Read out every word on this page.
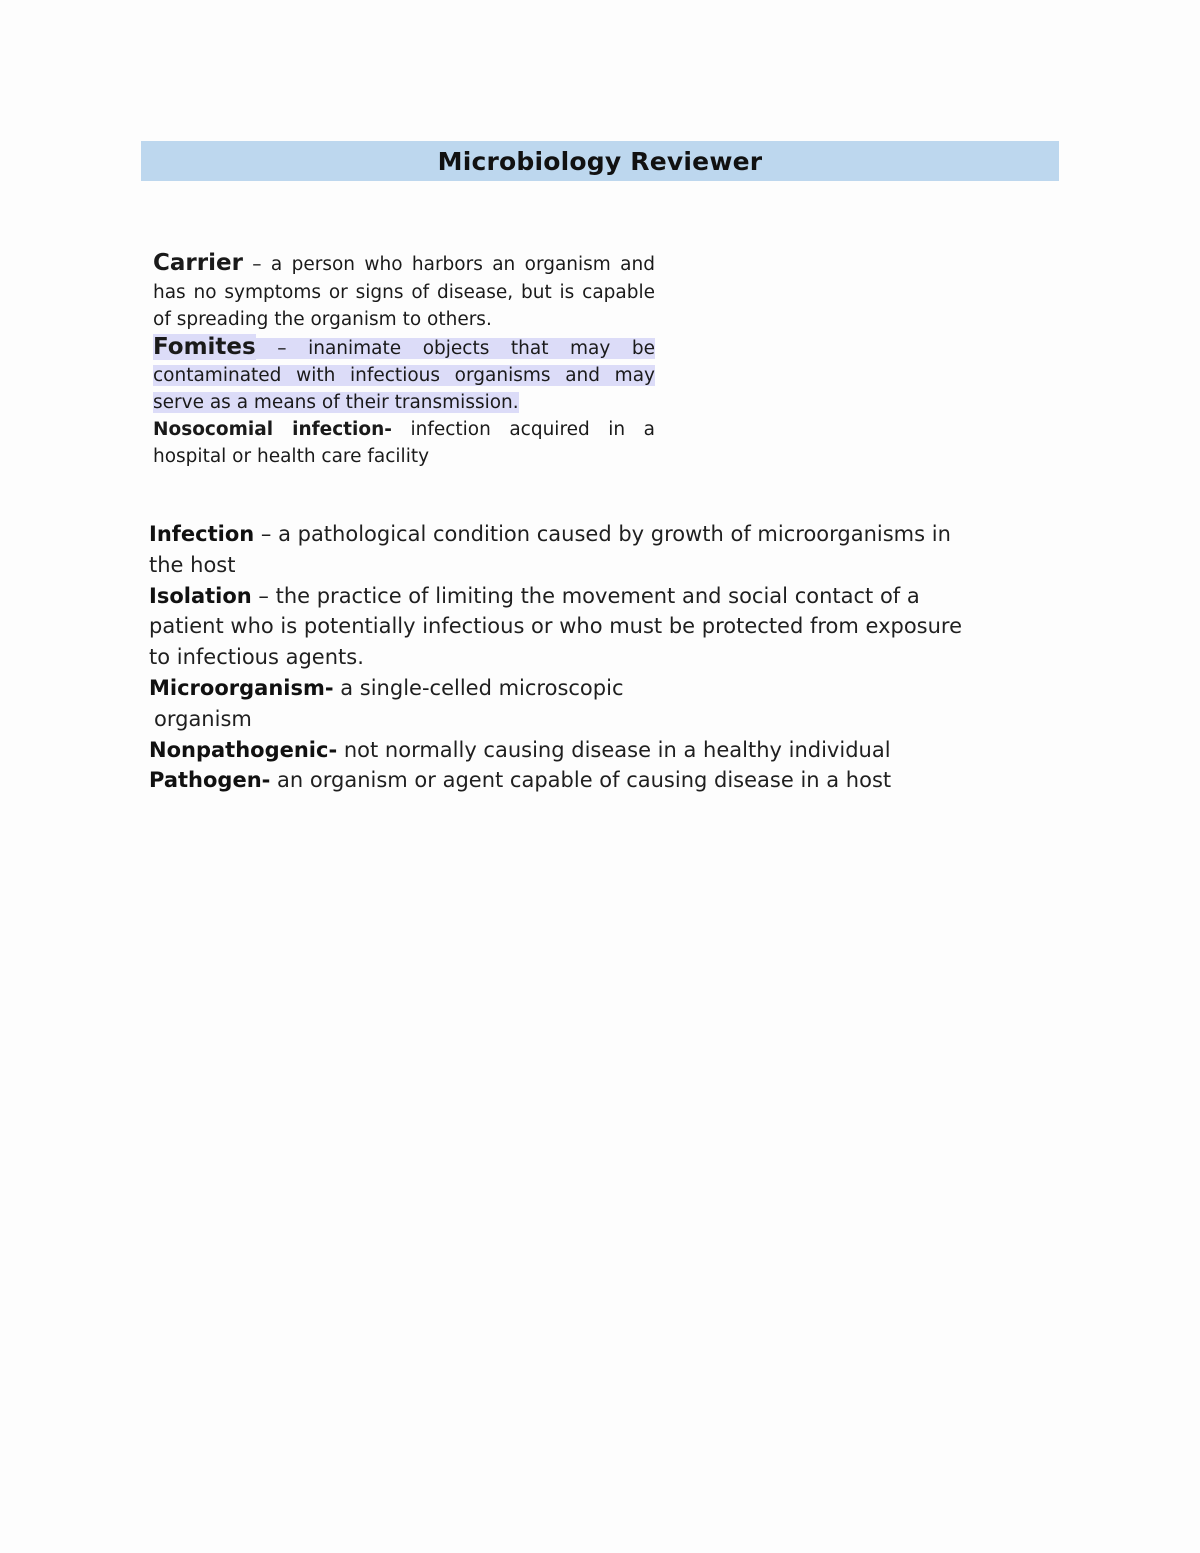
Microbiology Reviewer

Carrier – a person who harbors an organism and has no symptoms or signs of disease, but is capable of spreading the organism to others.

Fomites – inanimate objects that may be contaminated with infectious organisms and may serve as a means of their transmission.

Nosocomial infection- infection acquired in a hospital or health care facility

Infection – a pathological condition caused by growth of microorganisms in the host

Isolation – the practice of limiting the movement and social contact of a patient who is potentially infectious or who must be protected from exposure to infectious agents.

Microorganism- a single-celled microscopic
organism

Nonpathogenic- not normally causing disease in a healthy individual

Pathogen- an organism or agent capable of causing disease in a host
